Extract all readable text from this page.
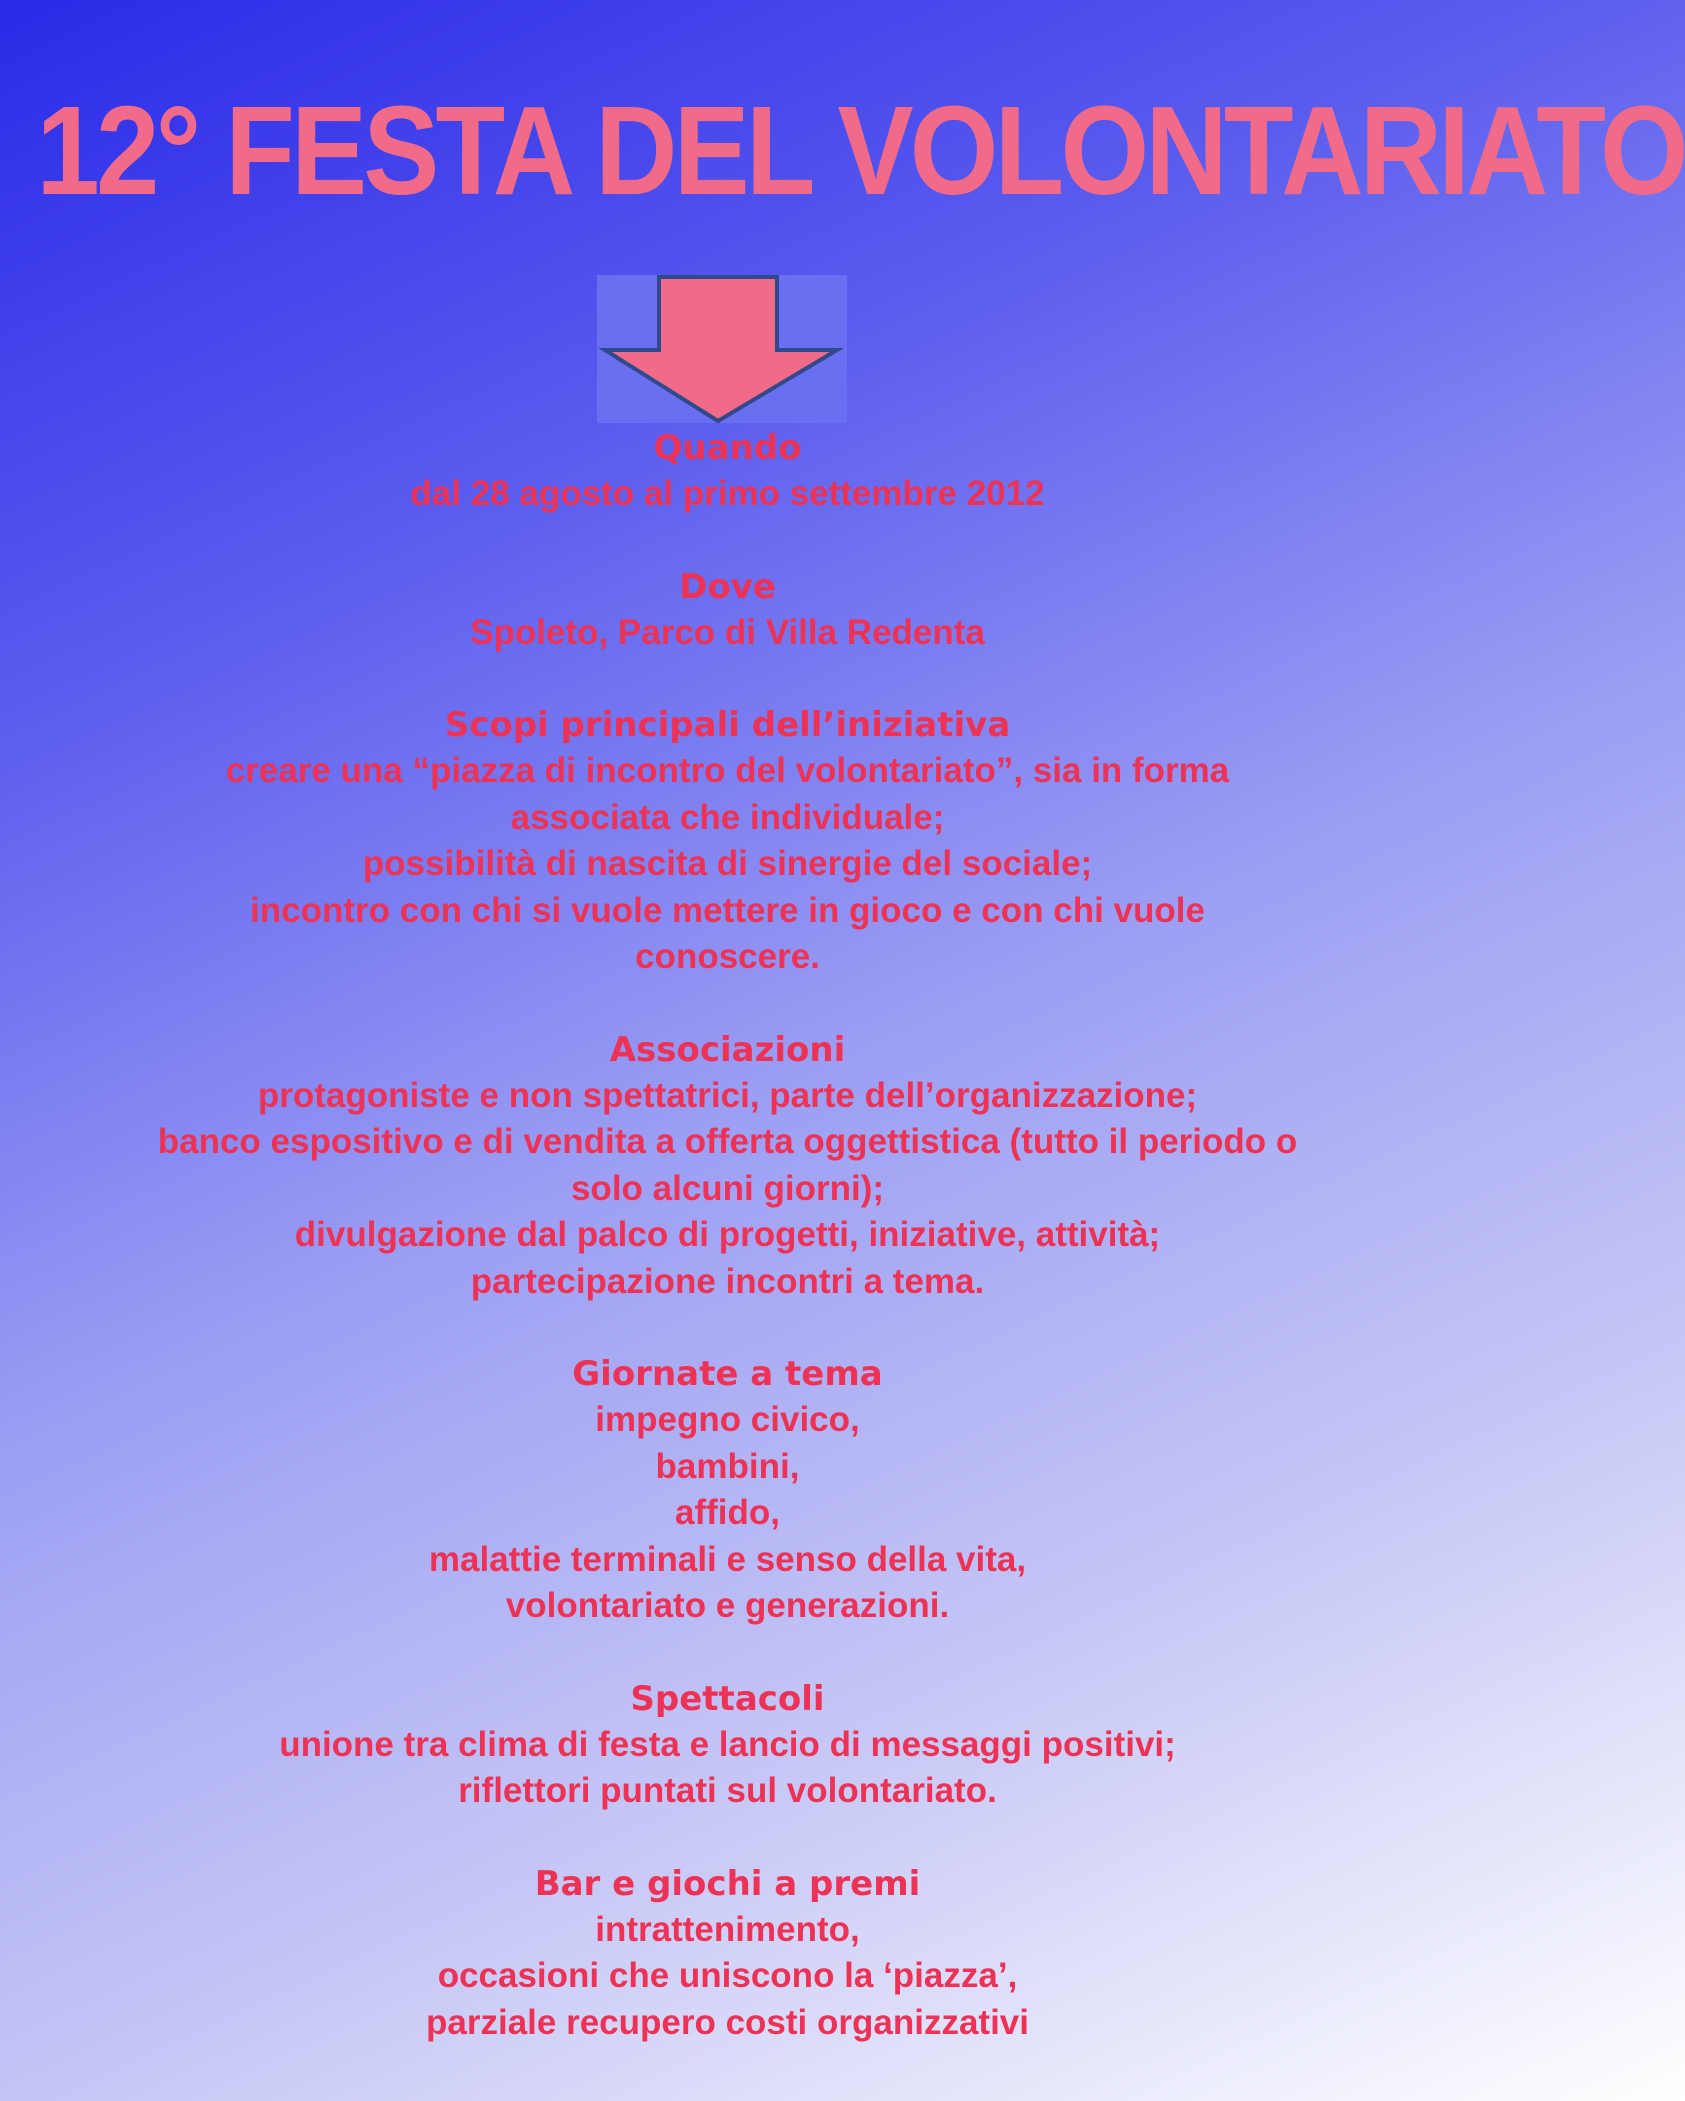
12° FESTA DEL VOLONTARIATO
Quando
dal 28 agosto al primo settembre 2012
Dove
Spoleto, Parco di Villa Redenta
Scopi principali dell’iniziativa
creare una “piazza di incontro del volontariato”, sia in forma
associata che individuale;
possibilità di nascita di sinergie del sociale;
incontro con chi si vuole mettere in gioco e con chi vuole
conoscere.
Associazioni
protagoniste e non spettatrici, parte dell’organizzazione;
banco espositivo e di vendita a offerta oggettistica (tutto il periodo o
solo alcuni giorni);
divulgazione dal palco di progetti, iniziative, attività;
partecipazione incontri a tema.
Giornate a tema
impegno civico,
bambini,
affido,
malattie terminali e senso della vita,
volontariato e generazioni.
Spettacoli
unione tra clima di festa e lancio di messaggi positivi;
riflettori puntati sul volontariato.
Bar e giochi a premi
intrattenimento,
occasioni che uniscono la ‘piazza’,
parziale recupero costi organizzativi
